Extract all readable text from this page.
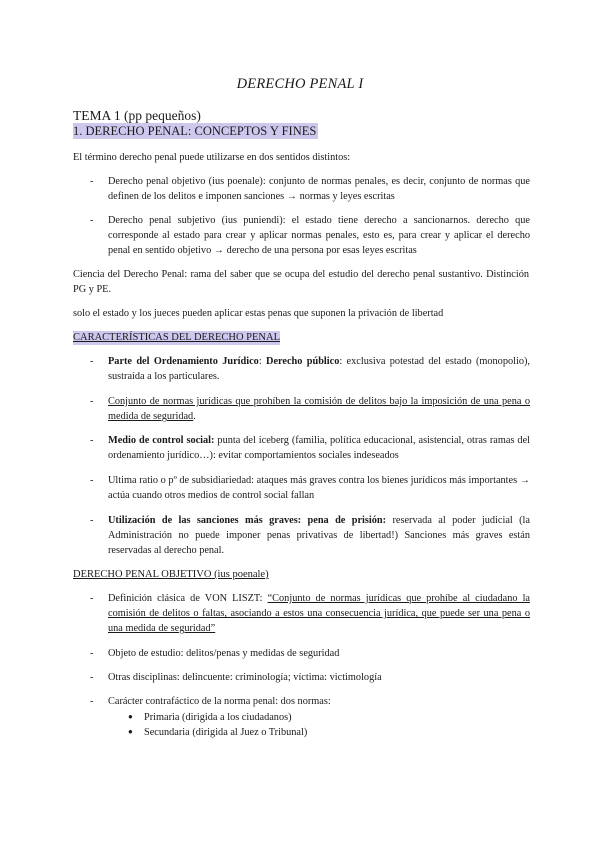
DERECHO PENAL I
TEMA 1 (pp pequeños)
1. DERECHO PENAL: CONCEPTOS Y FINES
El término derecho penal puede utilizarse en dos sentidos distintos:
- Derecho penal objetivo (ius poenale): conjunto de normas penales, es decir, conjunto de normas que definen de los delitos e imponen sanciones → normas y leyes escritas
- Derecho penal subjetivo (ius puniendi): el estado tiene derecho a sancionarnos. derecho que corresponde al estado para crear y aplicar normas penales, esto es, para crear y aplicar el derecho penal en sentido objetivo → derecho de una persona por esas leyes escritas
Ciencia del Derecho Penal: rama del saber que se ocupa del estudio del derecho penal sustantivo. Distinción PG y PE.
solo el estado y los jueces pueden aplicar estas penas que suponen la privación de libertad
CARACTERÍSTICAS DEL DERECHO PENAL
- Parte del Ordenamiento Jurídico: Derecho público: exclusiva potestad del estado (monopolio), sustraída a los particulares.
- Conjunto de normas jurídicas que prohíben la comisión de delitos bajo la imposición de una pena o medida de seguridad.
- Medio de control social: punta del iceberg (familia, política educacional, asistencial, otras ramas del ordenamiento jurídico…): evitar comportamientos sociales indeseados
- Ultima ratio o pº de subsidiariedad: ataques más graves contra los bienes jurídicos más importantes → actúa cuando otros medios de control social fallan
- Utilización de las sanciones más graves: pena de prisión: reservada al poder judicial (la Administración no puede imponer penas privativas de libertad!) Sanciones más graves están reservadas al derecho penal.
DERECHO PENAL OBJETIVO (ius poenale)
- Definición clásica de VON LISZT: “Conjunto de normas jurídicas que prohíbe al ciudadano la comisión de delitos o faltas, asociando a estos una consecuencia jurídica, que puede ser una pena o una medida de seguridad”
- Objeto de estudio: delitos/penas y medidas de seguridad
- Otras disciplinas: delincuente: criminología; víctima: victimología
- Carácter contrafáctico de la norma penal: dos normas:
● Primaria (dirigida a los ciudadanos)
● Secundaria (dirigida al Juez o Tribunal)
